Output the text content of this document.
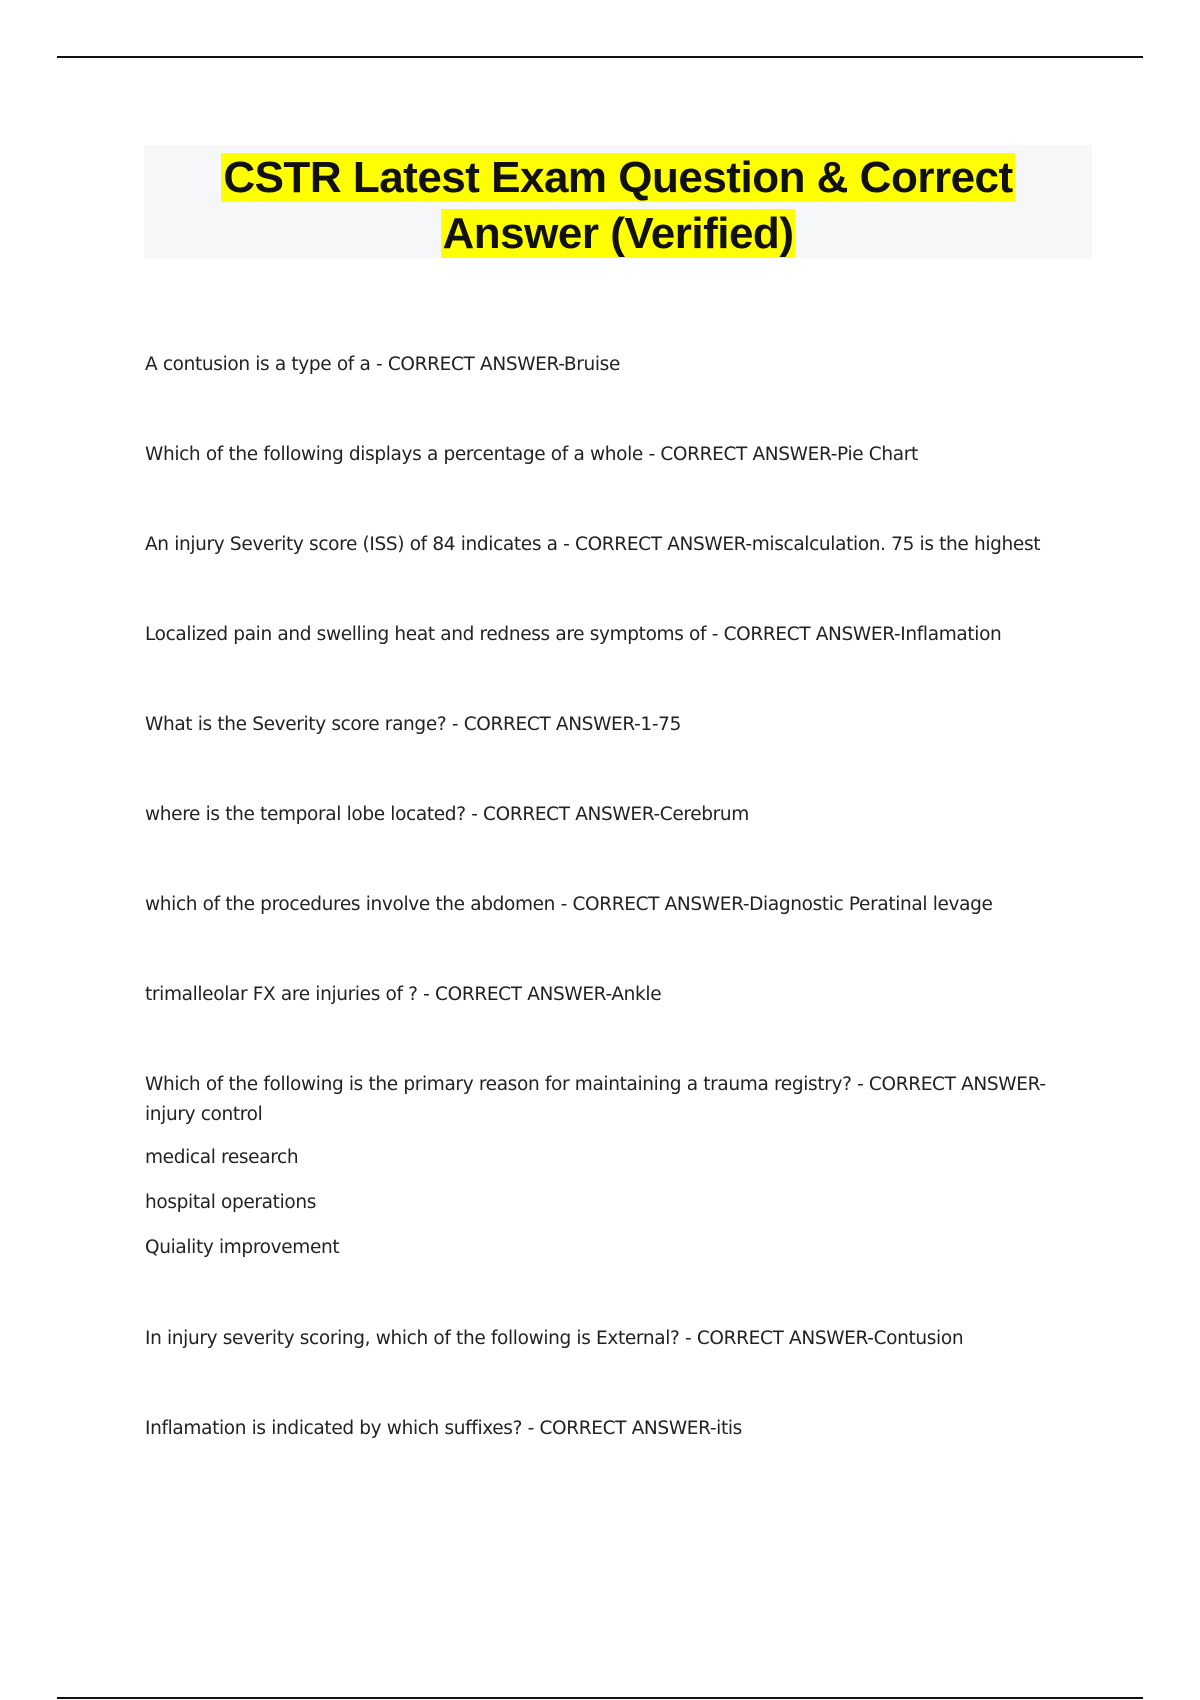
CSTR Latest Exam Question & Correct
Answer (Verified)

A contusion is a type of a - CORRECT ANSWER-Bruise

Which of the following displays a percentage of a whole - CORRECT ANSWER-Pie Chart

An injury Severity score (ISS) of 84 indicates a - CORRECT ANSWER-miscalculation. 75 is the highest

Localized pain and swelling heat and redness are symptoms of - CORRECT ANSWER-Inflamation

What is the Severity score range? - CORRECT ANSWER-1-75

where is the temporal lobe located? - CORRECT ANSWER-Cerebrum

which of the procedures involve the abdomen - CORRECT ANSWER-Diagnostic Peratinal levage

trimalleolar FX are injuries of ? - CORRECT ANSWER-Ankle

Which of the following is the primary reason for maintaining a trauma registry? - CORRECT ANSWER-
injury control

medical research

hospital operations

Quiality improvement

In injury severity scoring, which of the following is External? - CORRECT ANSWER-Contusion

Inflamation is indicated by which suffixes? - CORRECT ANSWER-itis
